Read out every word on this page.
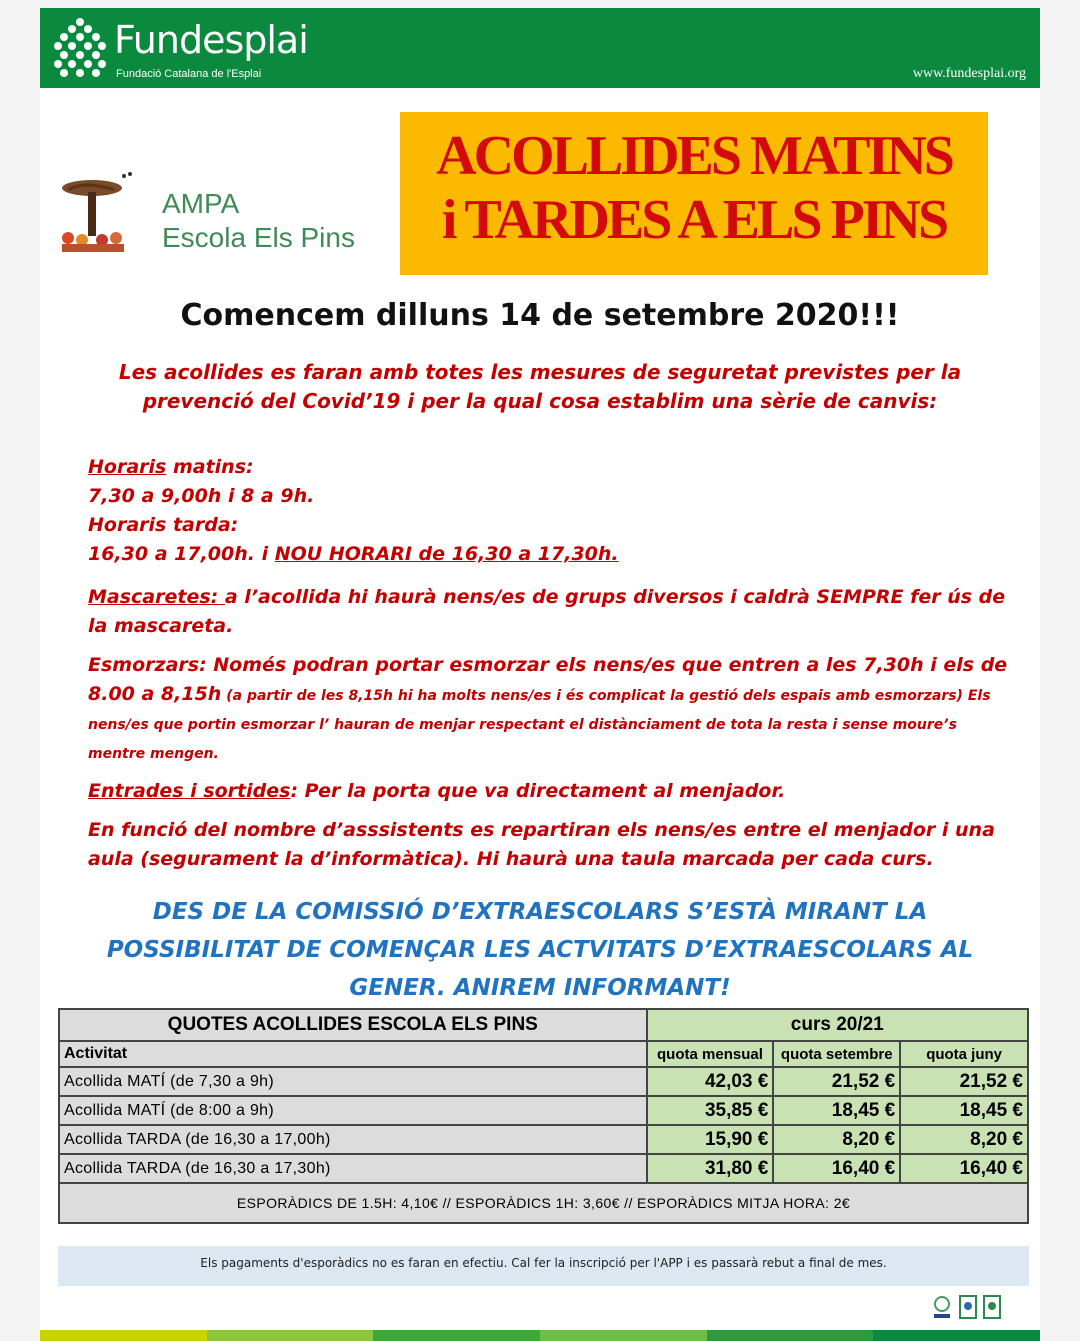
Fundesplai
Fundació Catalana de l'Esplai	www.fundesplai.org
AMPA
Escola Els Pins
ACOLLIDES MATINS
i TARDES A ELS PINS
Comencem dilluns 14 de setembre 2020!!!
Les acollides es faran amb totes les mesures de seguretat previstes per la prevenció del Covid’19 i per la qual cosa establim una sèrie de canvis:

Horaris matins:

7,30 a 9,00h i 8 a 9h.

Horaris tarda:

16,30 a 17,00h. i NOU HORARI de 16,30 a 17,30h.

Mascaretes: a l’acollida hi haurà nens/es de grups diversos i caldrà SEMPRE fer ús de la mascareta.

Esmorzars: Només podran portar esmorzar els nens/es que entren a les 7,30h i els de 8.00 a 8,15h (a partir de les 8,15h hi ha molts nens/es i és complicat la gestió dels espais amb esmorzars) Els nens/es que portin esmorzar l’ hauran de menjar respectant el distànciament de tota la resta i sense moure’s mentre mengen.

Entrades i sortides: Per la porta que va directament al menjador.

En funció del nombre d’asssistents es repartiran els nens/es entre el menjador i una aula (segurament la d’informàtica). Hi haurà una taula marcada per cada curs.

DES DE LA COMISSIÓ D’EXTRAESCOLARS S’ESTÀ MIRANT LA POSSIBILITAT DE COMENÇAR LES ACTVITATS D’EXTRAESCOLARS AL GENER. ANIREM INFORMANT!
QUOTES ACOLLIDES ESCOLA ELS PINS	curs 20/21		
Activitat	quota mensual	quota setembre	quota juny
Acollida MATÍ (de 7,30 a 9h)	42,03 €	21,52 €	21,52 €
Acollida MATÍ (de 8:00 a 9h)	35,85 €	18,45 €	18,45 €
Acollida TARDA (de 16,30 a 17,00h)	15,90 €	8,20 €	8,20 €
Acollida TARDA (de 16,30 a 17,30h)	31,80 €	16,40 €	16,40 €
ESPORÀDICS DE 1.5H: 4,10€ // ESPORÀDICS 1H: 3,60€ // ESPORÀDICS MITJA HORA: 2€			
Els pagaments d'esporàdics no es faran en efectiu. Cal fer la inscripció per l'APP i es passarà rebut a final de mes.
